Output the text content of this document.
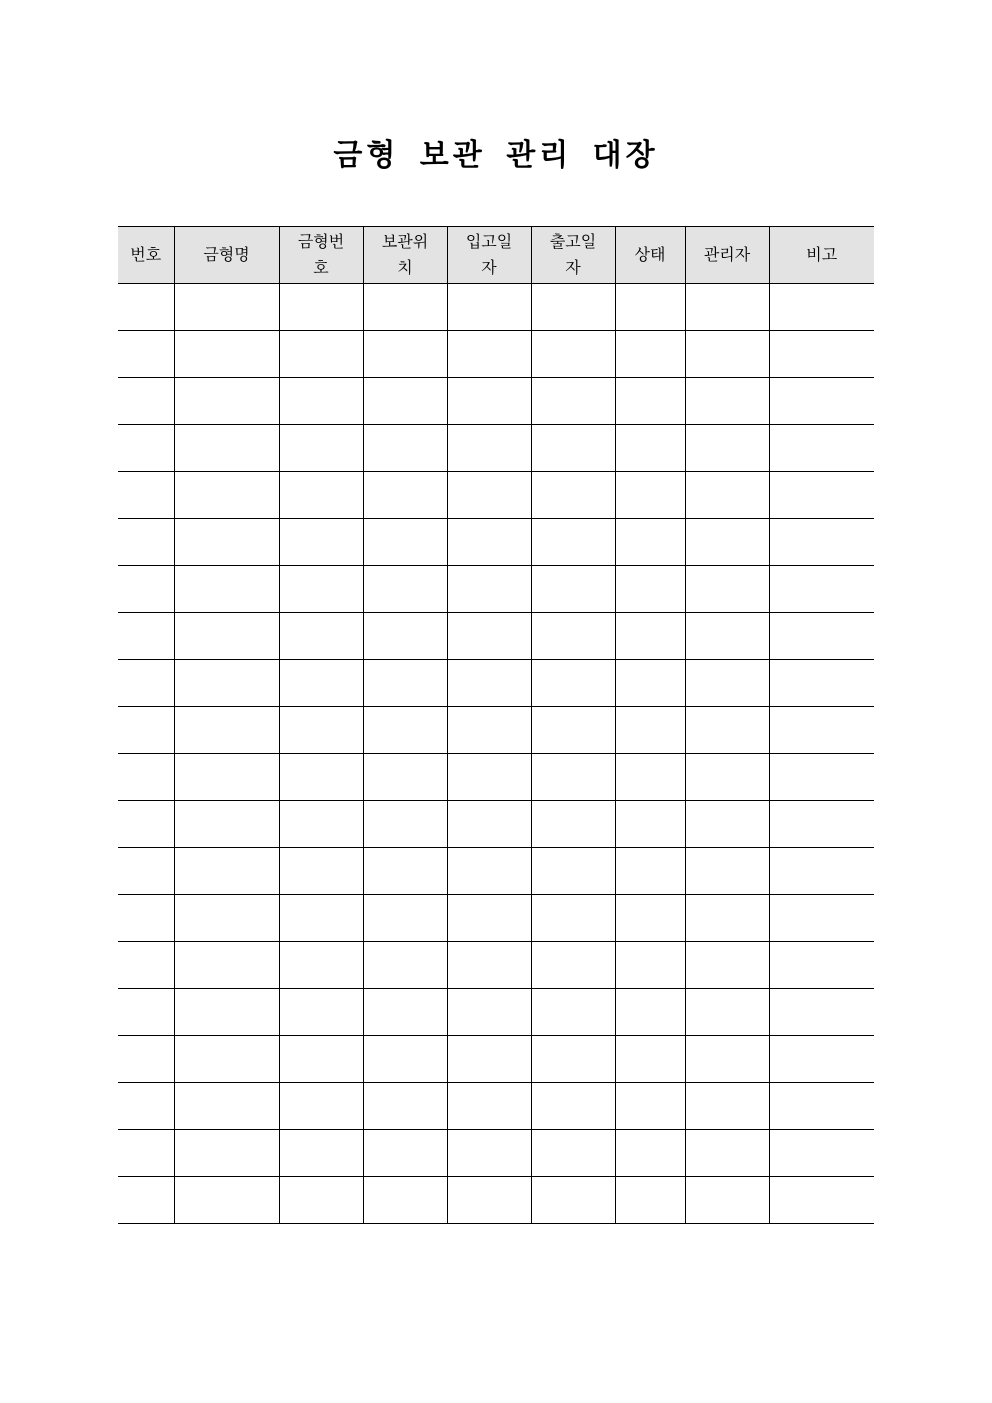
금형 보관 관리 대장
번호	금형명	금형번호	보관위치	입고일자	출고일자	상태	관리자	비고
